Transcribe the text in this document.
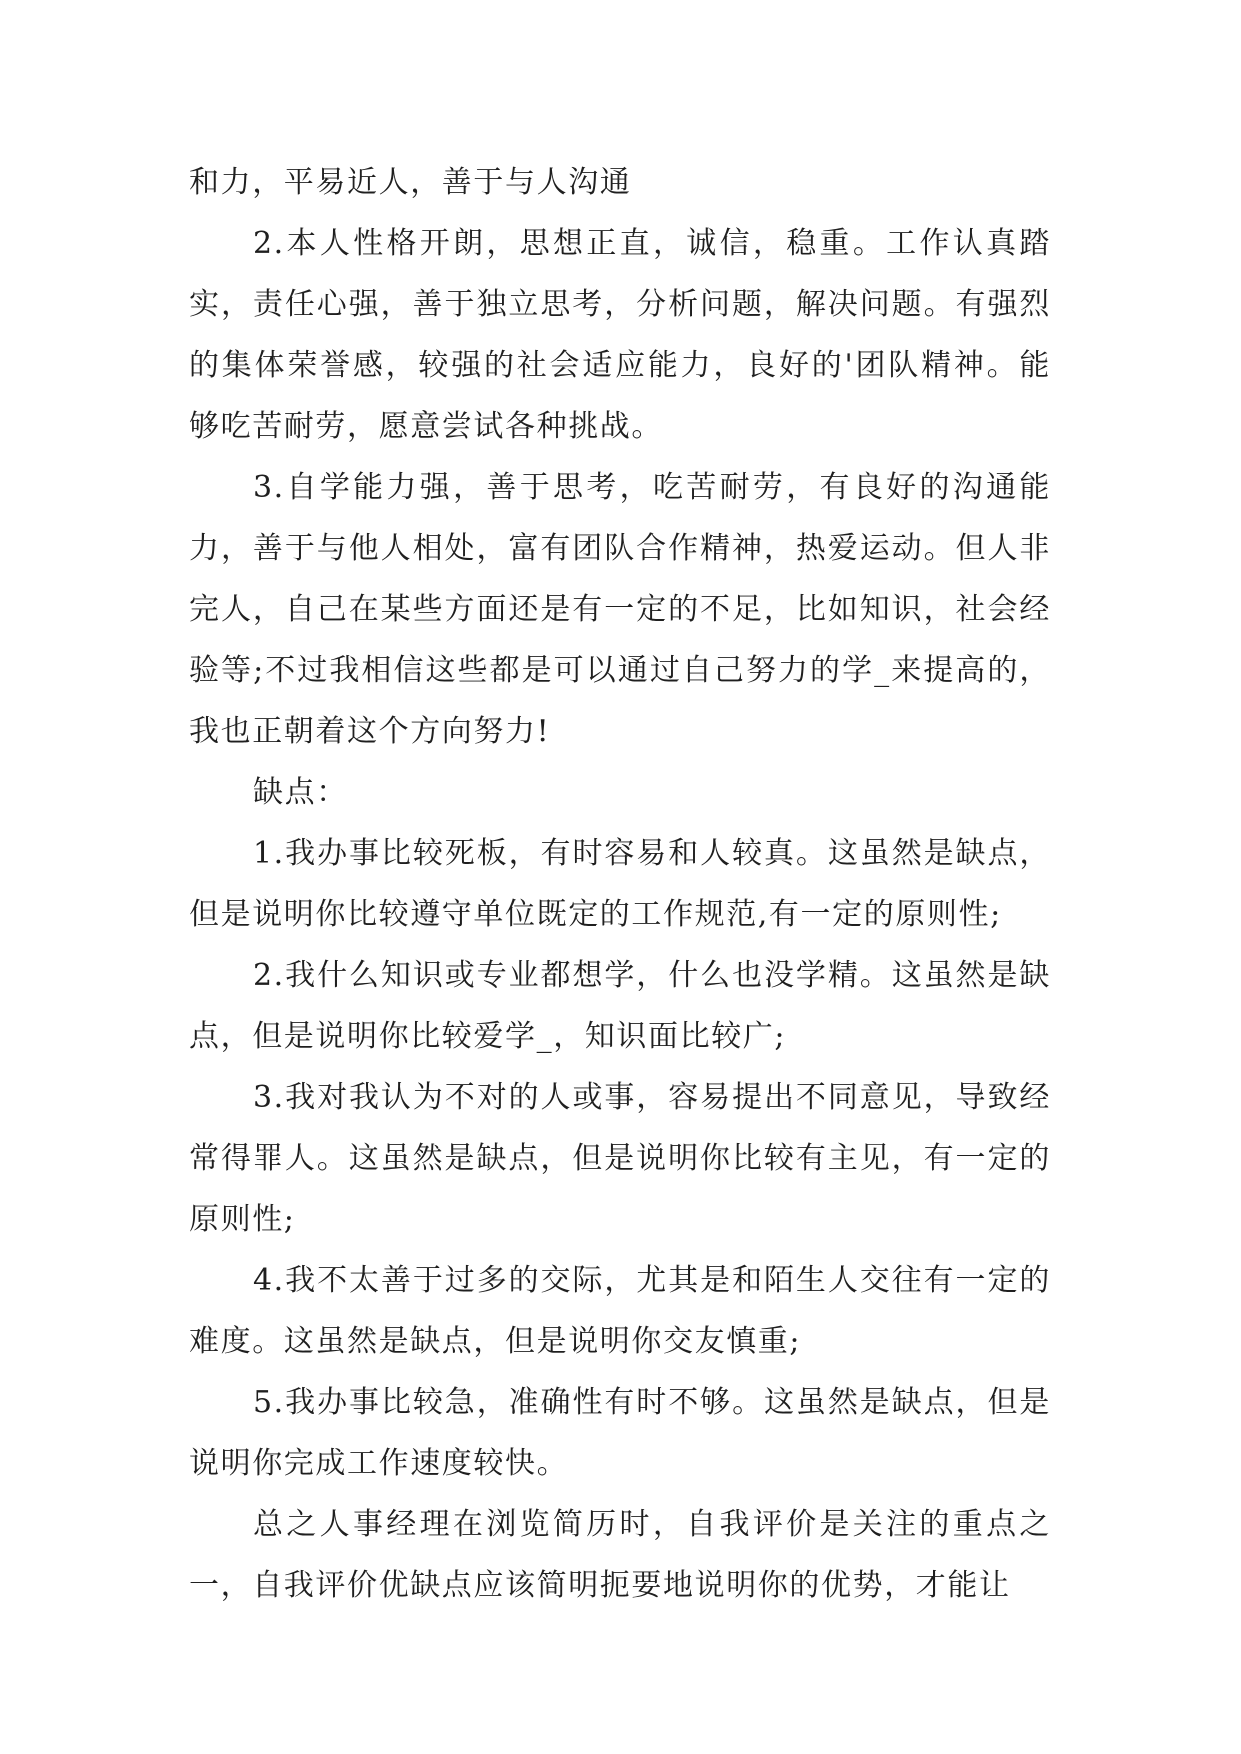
和力，平易近人，善于与人沟通

2.本人性格开朗，思想正直，诚信，稳重。工作认真踏实，责任心强，善于独立思考，分析问题，解决问题。有强烈的集体荣誉感，较强的社会适应能力，良好的'团队精神。能够吃苦耐劳，愿意尝试各种挑战。

3.自学能力强，善于思考，吃苦耐劳，有良好的沟通能力，善于与他人相处，富有团队合作精神，热爱运动。但人非完人，自己在某些方面还是有一定的不足，比如知识，社会经验等;不过我相信这些都是可以通过自己努力的学_来提高的，我也正朝着这个方向努力!

缺点：

1.我办事比较死板，有时容易和人较真。这虽然是缺点，但是说明你比较遵守单位既定的工作规范,有一定的原则性;

2.我什么知识或专业都想学，什么也没学精。这虽然是缺点，但是说明你比较爱学_，知识面比较广;

3.我对我认为不对的人或事，容易提出不同意见，导致经常得罪人。这虽然是缺点，但是说明你比较有主见，有一定的原则性;

4.我不太善于过多的交际，尤其是和陌生人交往有一定的难度。这虽然是缺点，但是说明你交友慎重;

5.我办事比较急，准确性有时不够。这虽然是缺点，但是说明你完成工作速度较快。

总之人事经理在浏览简历时，自我评价是关注的重点之一，自我评价优缺点应该简明扼要地说明你的优势，才能让
